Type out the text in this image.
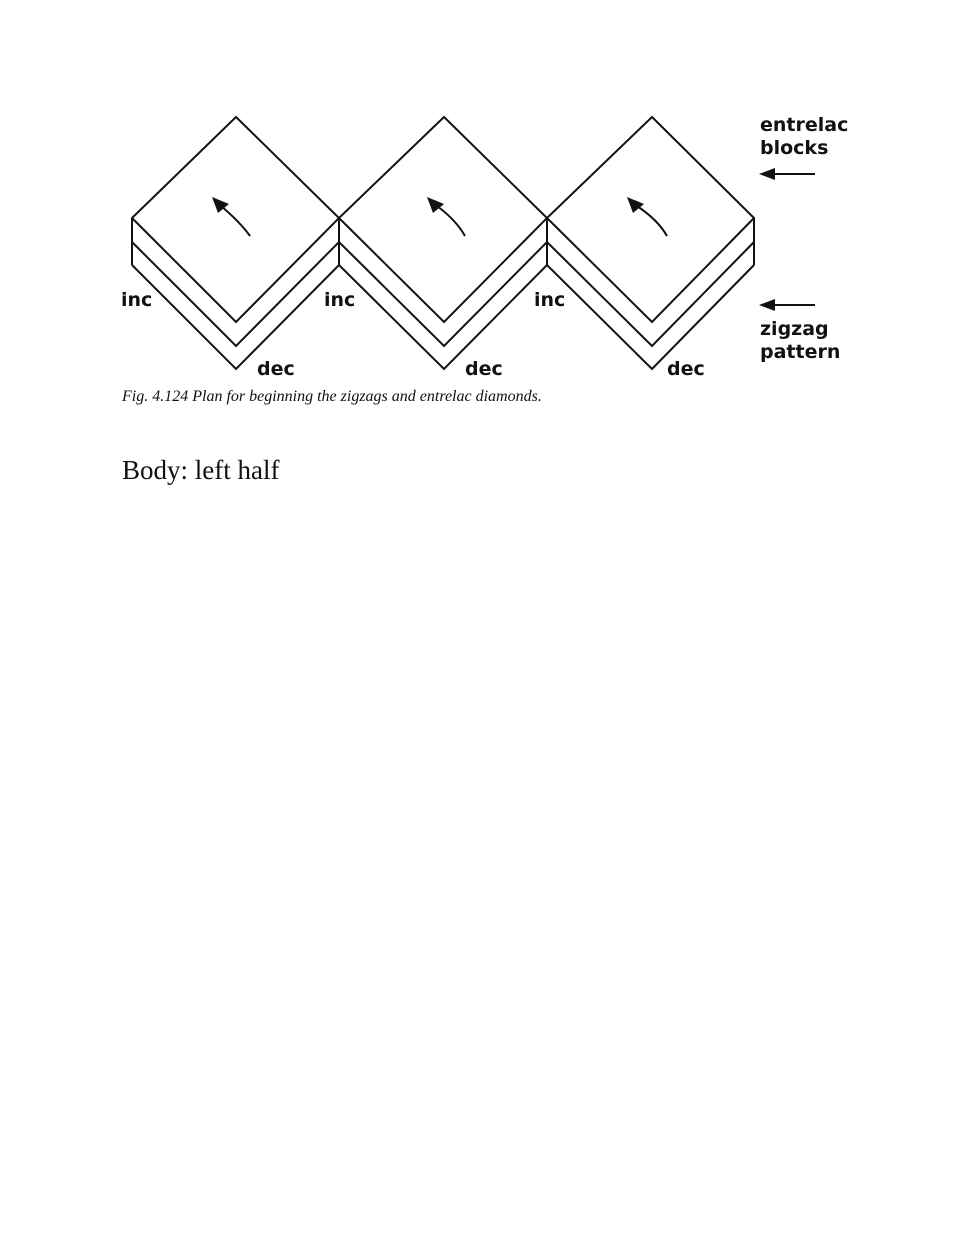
entrelac
blocks
inc	inc	inc
dec	dec	dec
zigzag
pattern
Fig. 4.124 Plan for beginning the zigzags and entrelac diamonds.
Body: left half
